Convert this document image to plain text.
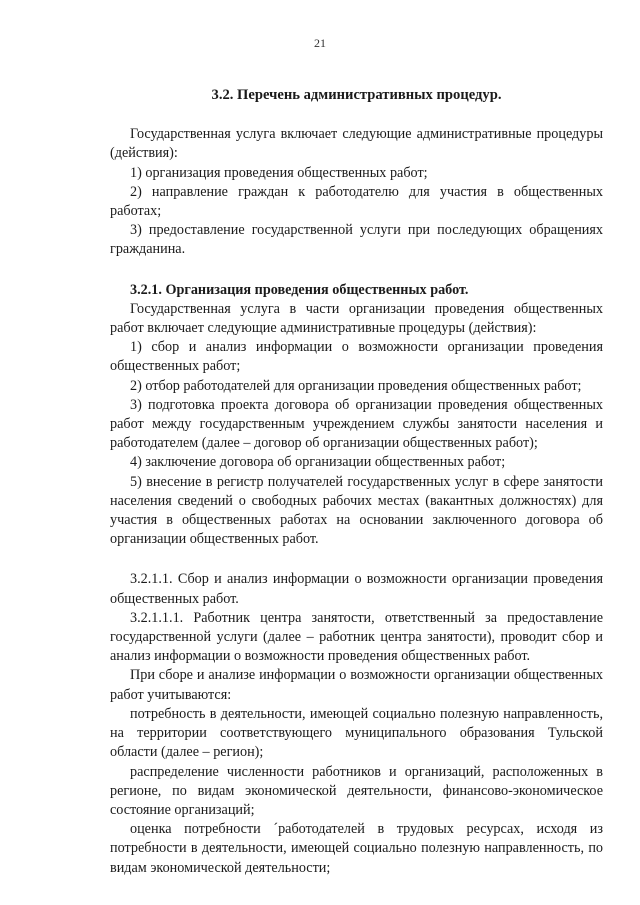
21

3.2. Перечень административных процедур.

Государственная услуга включает следующие административные процедуры (действия):

1) организация проведения общественных работ;

2) направление граждан к работодателю для участия в общественных работах;

3) предоставление государственной услуги при последующих обращениях гражданина.

3.2.1. Организация проведения общественных работ.

Государственная услуга в части организации проведения общественных работ включает следующие административные процедуры (действия):

1) сбор и анализ информации о возможности организации проведения общественных работ;

2) отбор работодателей для организации проведения общественных работ;

3) подготовка проекта договора об организации проведения общественных работ между государственным учреждением службы занятости населения и работодателем (далее – договор об организации общественных работ);

4) заключение договора об организации общественных работ;

5) внесение в регистр получателей государственных услуг в сфере занятости населения сведений о свободных рабочих местах (вакантных должностях) для участия в общественных работах на основании заключенного договора об организации общественных работ.

3.2.1.1. Сбор и анализ информации о возможности организации проведения общественных работ.

3.2.1.1.1. Работник центра занятости, ответственный за предоставление государственной услуги (далее – работник центра занятости), проводит сбор и анализ информации о возможности проведения общественных работ.

При сборе и анализе информации о возможности организации общественных работ учитываются:

потребность в деятельности, имеющей социально полезную направленность, на территории соответствующего муниципального образования Тульской области (далее – регион);

распределение численности работников и организаций, расположенных в регионе, по видам экономической деятельности, финансово-экономическое состояние организаций;

оценка потребности ´работодателей в трудовых ресурсах, исходя из потребности в деятельности, имеющей социально полезную направленность, по видам экономической деятельности;
